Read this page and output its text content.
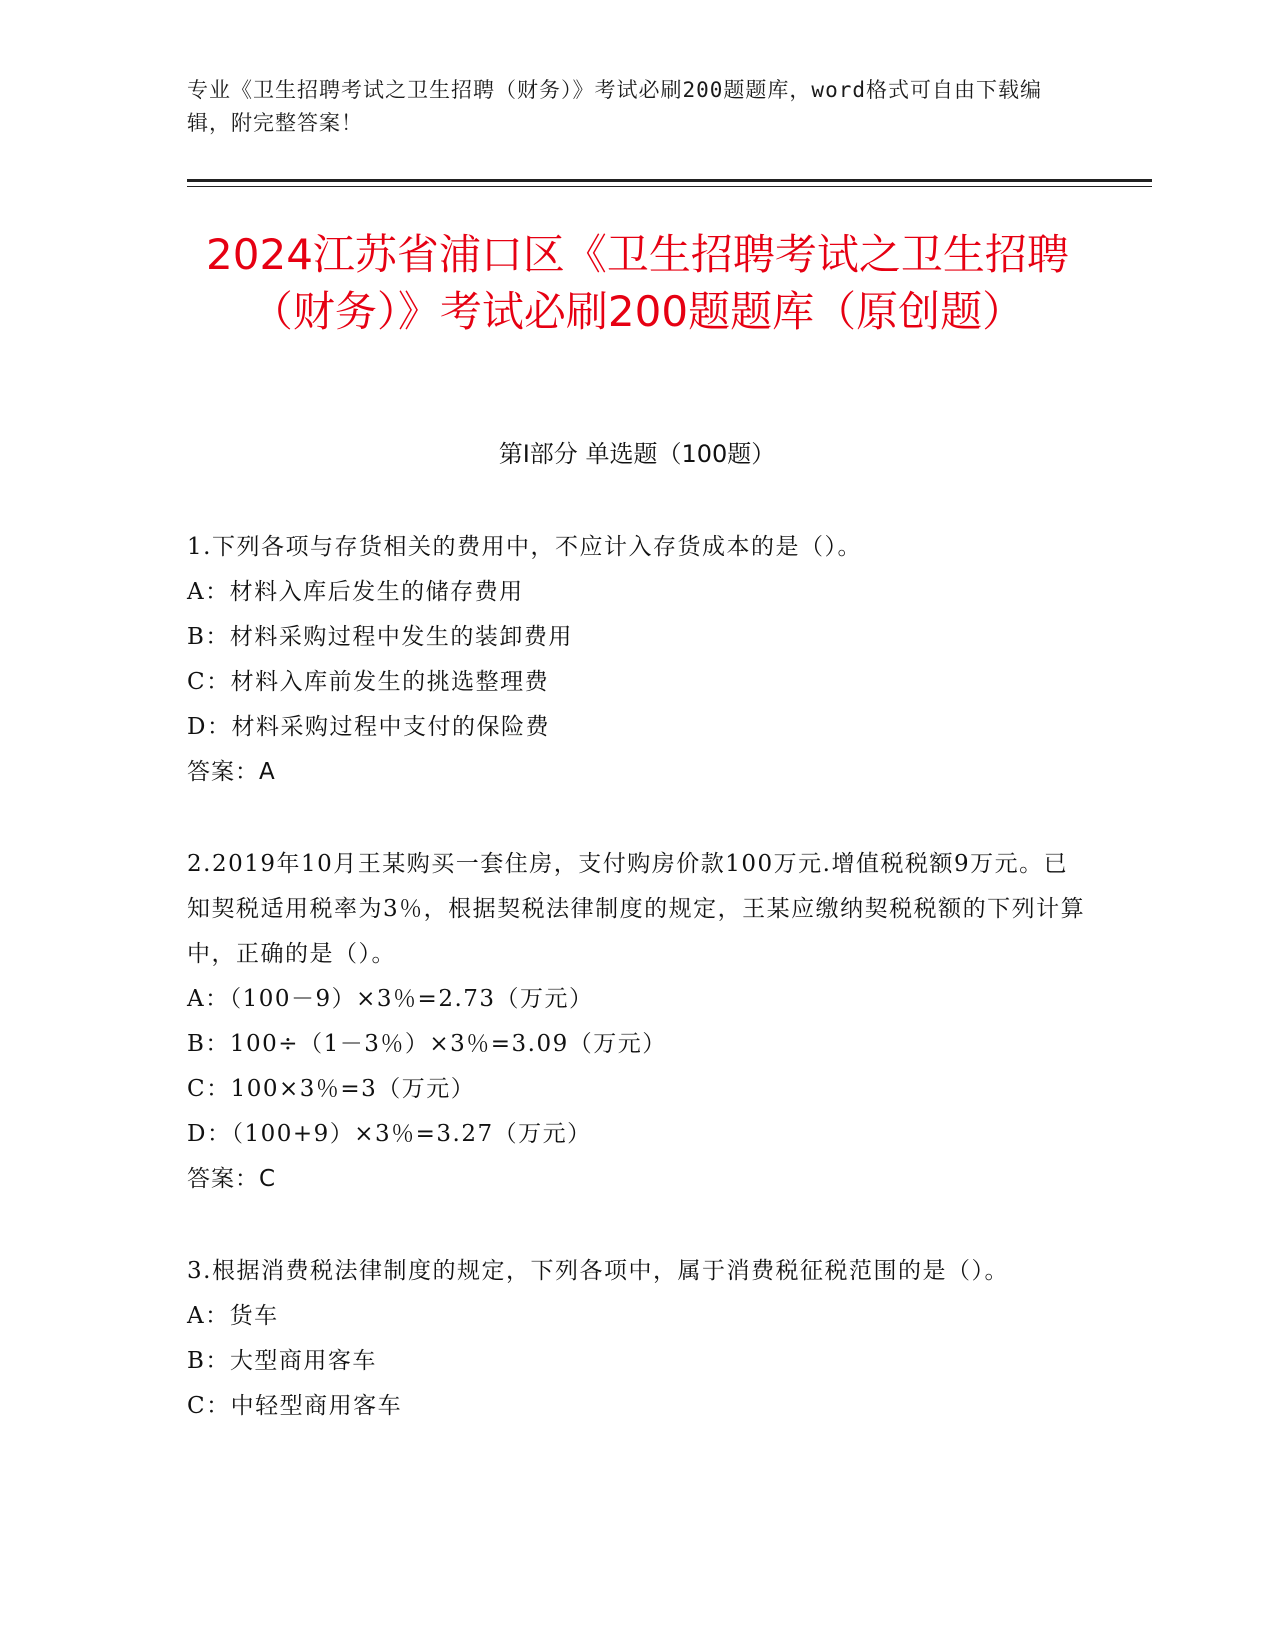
专业《卫生招聘考试之卫生招聘（财务）》考试必刷200题题库，word格式可自由下载编辑，附完整答案！
2024江苏省浦口区《卫生招聘考试之卫生招聘（财务）》考试必刷200题题库（原创题）
第Ⅰ部分 单选题（100题）
1.下列各项与存货相关的费用中，不应计入存货成本的是（）。
A：材料入库后发生的储存费用
B：材料采购过程中发生的装卸费用
C：材料入库前发生的挑选整理费
D：材料采购过程中支付的保险费
答案：A
2.2019年10月王某购买一套住房，支付购房价款100万元.增值税税额9万元。已知契税适用税率为3％，根据契税法律制度的规定，王某应缴纳契税税额的下列计算中，正确的是（）。
A：（100－9）×3％=2.73（万元）
B：100÷（1－3％）×3％=3.09（万元）
C：100×3％=3（万元）
D：（100+9）×3％=3.27（万元）
答案：C
3.根据消费税法律制度的规定，下列各项中，属于消费税征税范围的是（）。
A：货车
B：大型商用客车
C：中轻型商用客车
